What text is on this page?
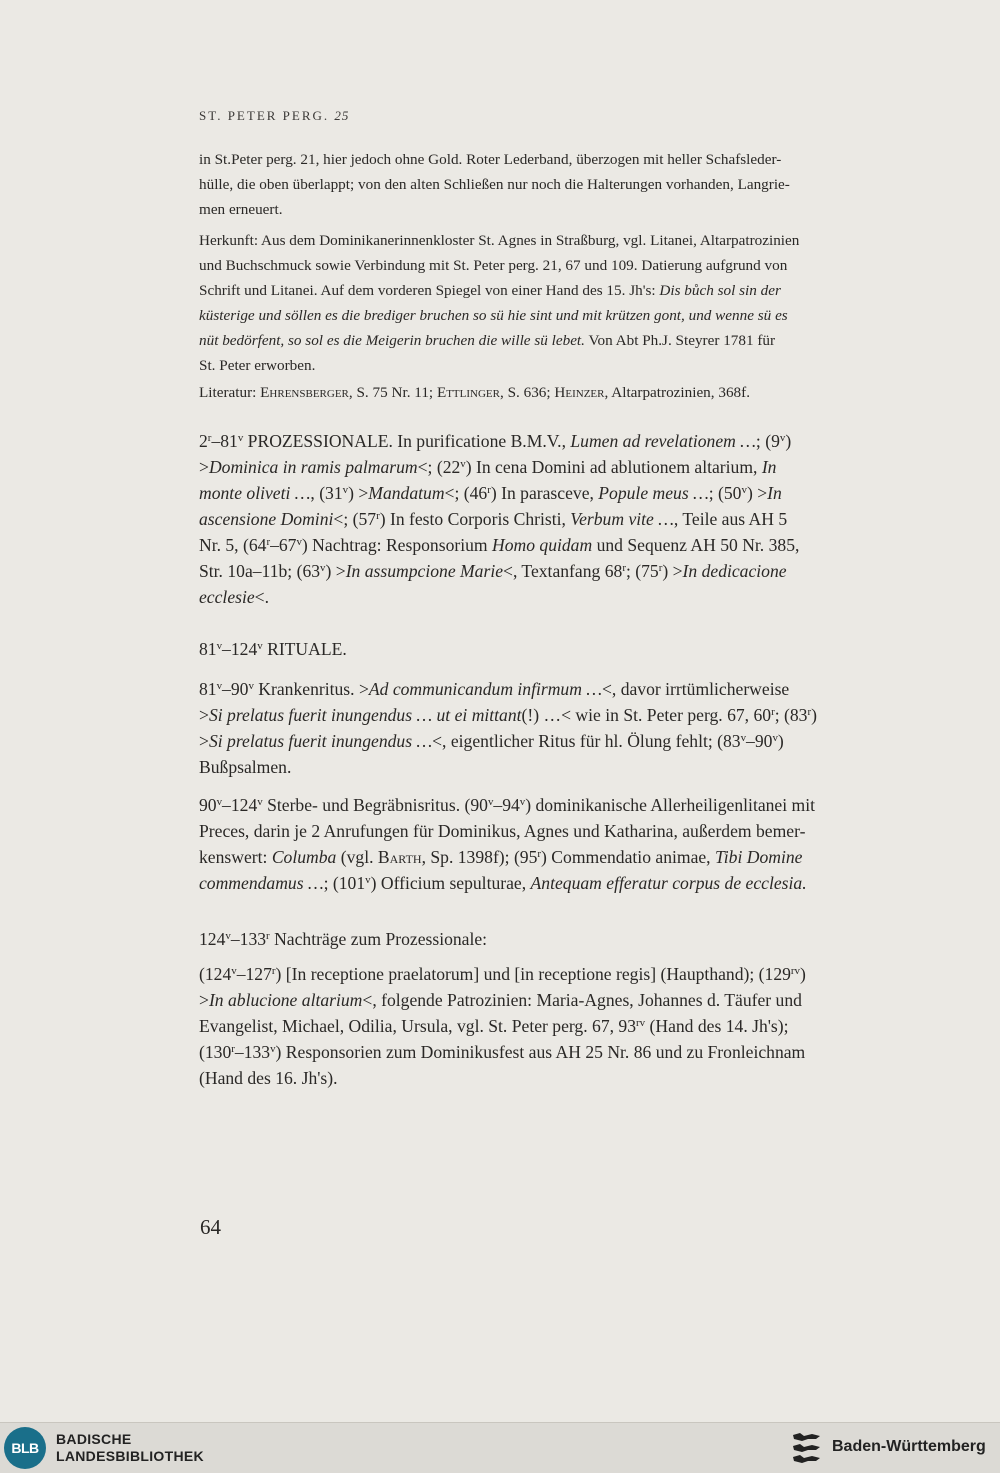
ST. PETER PERG. 25
in St.Peter perg. 21, hier jedoch ohne Gold. Roter Lederband, überzogen mit heller Schafsleder-
hülle, die oben überlappt; von den alten Schließen nur noch die Halterungen vorhanden, Langrie-
men erneuert.
Herkunft: Aus dem Dominikanerinnenkloster St. Agnes in Straßburg, vgl. Litanei, Altarpatrozinien
und Buchschmuck sowie Verbindung mit St. Peter perg. 21, 67 und 109. Datierung aufgrund von
Schrift und Litanei. Auf dem vorderen Spiegel von einer Hand des 15. Jh's: Dis bůch sol sin der
küsterige und söllen es die brediger bruchen so sü hie sint und mit krützen gont, und wenne sü es
nüt bedörfent, so sol es die Meigerin bruchen die wille sü lebet. Von Abt Ph.J. Steyrer 1781 für
St. Peter erworben.
Literatur: Ehrensberger, S. 75 Nr. 11; Ettlinger, S. 636; Heinzer, Altarpatrozinien, 368f.
2$^r$–81$^v$ PROZESSIONALE. In purificatione B.M.V., Lumen ad revelationem …; $(9^v)$
>Dominica in ramis palmarum<; (22$^v$) In cena Domini ad ablutionem altarium, In
monte oliveti …, $(31^v)$ >Mandatum<; (46$^r$) In parasceve, Popule meus …; $(50^v) >In$
ascensione Domini<; (57$^r$) In festo Corporis Christi, Verbum vite …, Teile aus AH 5
Nr. 5, (64$^r$–67$^v$) Nachtrag: Responsorium Homo quidam und Sequenz AH 50 Nr. 385,
Str. 10a–11b; $(63^v) >In$ assumpcione Marie<, Textanfang 68$^r$; $(75^r) >In$ dedicacione
ecclesie<.
81$^v$–124$^v$ RITUALE.
81$^v$–90$^v$ Krankenritus. >Ad communicandum infirmum …<, davor irrtümlicherweise
>Si prelatus fuerit inungendus … ut ei mittant(!) …< wie in St. Peter perg. 67, 60$^r$; $(83^r)$
>Si prelatus fuerit inungendus …<, eigentlicher Ritus für hl. Ölung fehlt; (83$^v$–90$^v$)
Bußpsalmen.
90$^v$–124$^v$ Sterbe- und Begräbnisritus. (90$^v$–94$^v$) dominikanische Allerheiligenlitanei mit
Preces, darin je 2 Anrufungen für Dominikus, Agnes und Katharina, außerdem bemer-
kenswert: Columba (vgl. Barth, Sp. 1398f); (95$^r$) Commendatio animae, Tibi Domine
commendamus …; (101$^v$) Officium sepulturae, Antequam efferatur corpus de ecclesia.
124$^v$–133$^r$ Nachträge zum Prozessionale:
(124$^v$–127$^r$) [In receptione praelatorum] und [in receptione regis] (Haupthand); $(129^{rv})$
>In ablucione altarium<, folgende Patrozinien: Maria-Agnes, Johannes d. Täufer und
Evangelist, Michael, Odilia, Ursula, vgl. St. Peter perg. 67, $93^{rv}$ (Hand des 14. Jh's);
(130$^r$–133$^v$) Responsorien zum Dominikusfest aus AH 25 Nr. 86 und zu Fronleichnam
(Hand des 16. Jh's).
64
BLB
BADISCHE
LANDESBIBLIOTHEK
Baden-Württemberg
